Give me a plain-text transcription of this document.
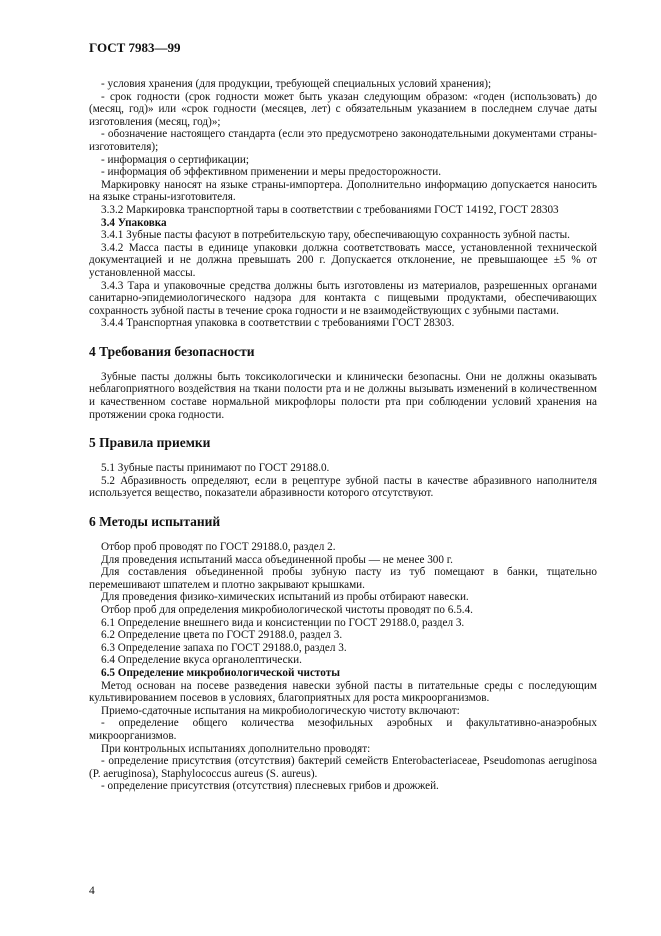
ГОСТ 7983—99

- условия хранения (для продукции, требующей специальных условий хранения);

- срок годности (срок годности может быть указан следующим образом: «годен (использовать) до (месяц, год)» или «срок годности (месяцев, лет) с обязательным указанием в последнем случае даты изготовления (месяц, год)»;

- обозначение настоящего стандарта (если это предусмотрено законодательными документами страны-изготовителя);

- информация о сертификации;

- информация об эффективном применении и меры предосторожности.

Маркировку наносят на языке страны-импортера. Дополнительно информацию допускается наносить на языке страны-изготовителя.

3.3.2 Маркировка транспортной тары в соответствии с требованиями ГОСТ 14192, ГОСТ 28303

3.4 Упаковка

3.4.1 Зубные пасты фасуют в потребительскую тару, обеспечивающую сохранность зубной пасты.

3.4.2 Масса пасты в единице упаковки должна соответствовать массе, установленной технической документацией и не должна превышать 200 г. Допускается отклонение, не превышающее ±5 % от установленной массы.

3.4.3 Тара и упаковочные средства должны быть изготовлены из материалов, разрешенных органами санитарно-эпидемиологического надзора для контакта с пищевыми продуктами, обеспечивающих сохранность зубной пасты в течение срока годности и не взаимодействующих с зубными пастами.

3.4.4 Транспортная упаковка в соответствии с требованиями ГОСТ 28303.

4 Требования безопасности

Зубные пасты должны быть токсикологически и клинически безопасны. Они не должны оказывать неблагоприятного воздействия на ткани полости рта и не должны вызывать изменений в количественном и качественном составе нормальной микрофлоры полости рта при соблюдении условий хранения на протяжении срока годности.

5 Правила приемки

5.1 Зубные пасты принимают по ГОСТ 29188.0.

5.2 Абразивность определяют, если в рецептуре зубной пасты в качестве абразивного наполнителя используется вещество, показатели абразивности которого отсутствуют.

6 Методы испытаний

Отбор проб проводят по ГОСТ 29188.0, раздел 2.

Для проведения испытаний масса объединенной пробы — не менее 300 г.

Для составления объединенной пробы зубную пасту из туб помещают в банки, тщательно перемешивают шпателем и плотно закрывают крышками.

Для проведения физико-химических испытаний из пробы отбирают навески.

Отбор проб для определения микробиологической чистоты проводят по 6.5.4.

6.1 Определение внешнего вида и консистенции по ГОСТ 29188.0, раздел 3.

6.2 Определение цвета по ГОСТ 29188.0, раздел 3.

6.3 Определение запаха по ГОСТ 29188.0, раздел 3.

6.4 Определение вкуса органолептически.

6.5 Определение микробиологической чистоты

Метод основан на посеве разведения навески зубной пасты в питательные среды с последующим культивированием посевов в условиях, благоприятных для роста микроорганизмов.

Приемо-сдаточные испытания на микробиологическую чистоту включают:

- определение общего количества мезофильных аэробных и факультативно-анаэробных микроорганизмов.

При контрольных испытаниях дополнительно проводят:

- определение присутствия (отсутствия) бактерий семейств Enterobacteriaceae, Pseudomonas aeruginosa (P. aeruginosa), Staphylococcus aureus (S. aureus).

- определение присутствия (отсутствия) плесневых грибов и дрожжей.

4
